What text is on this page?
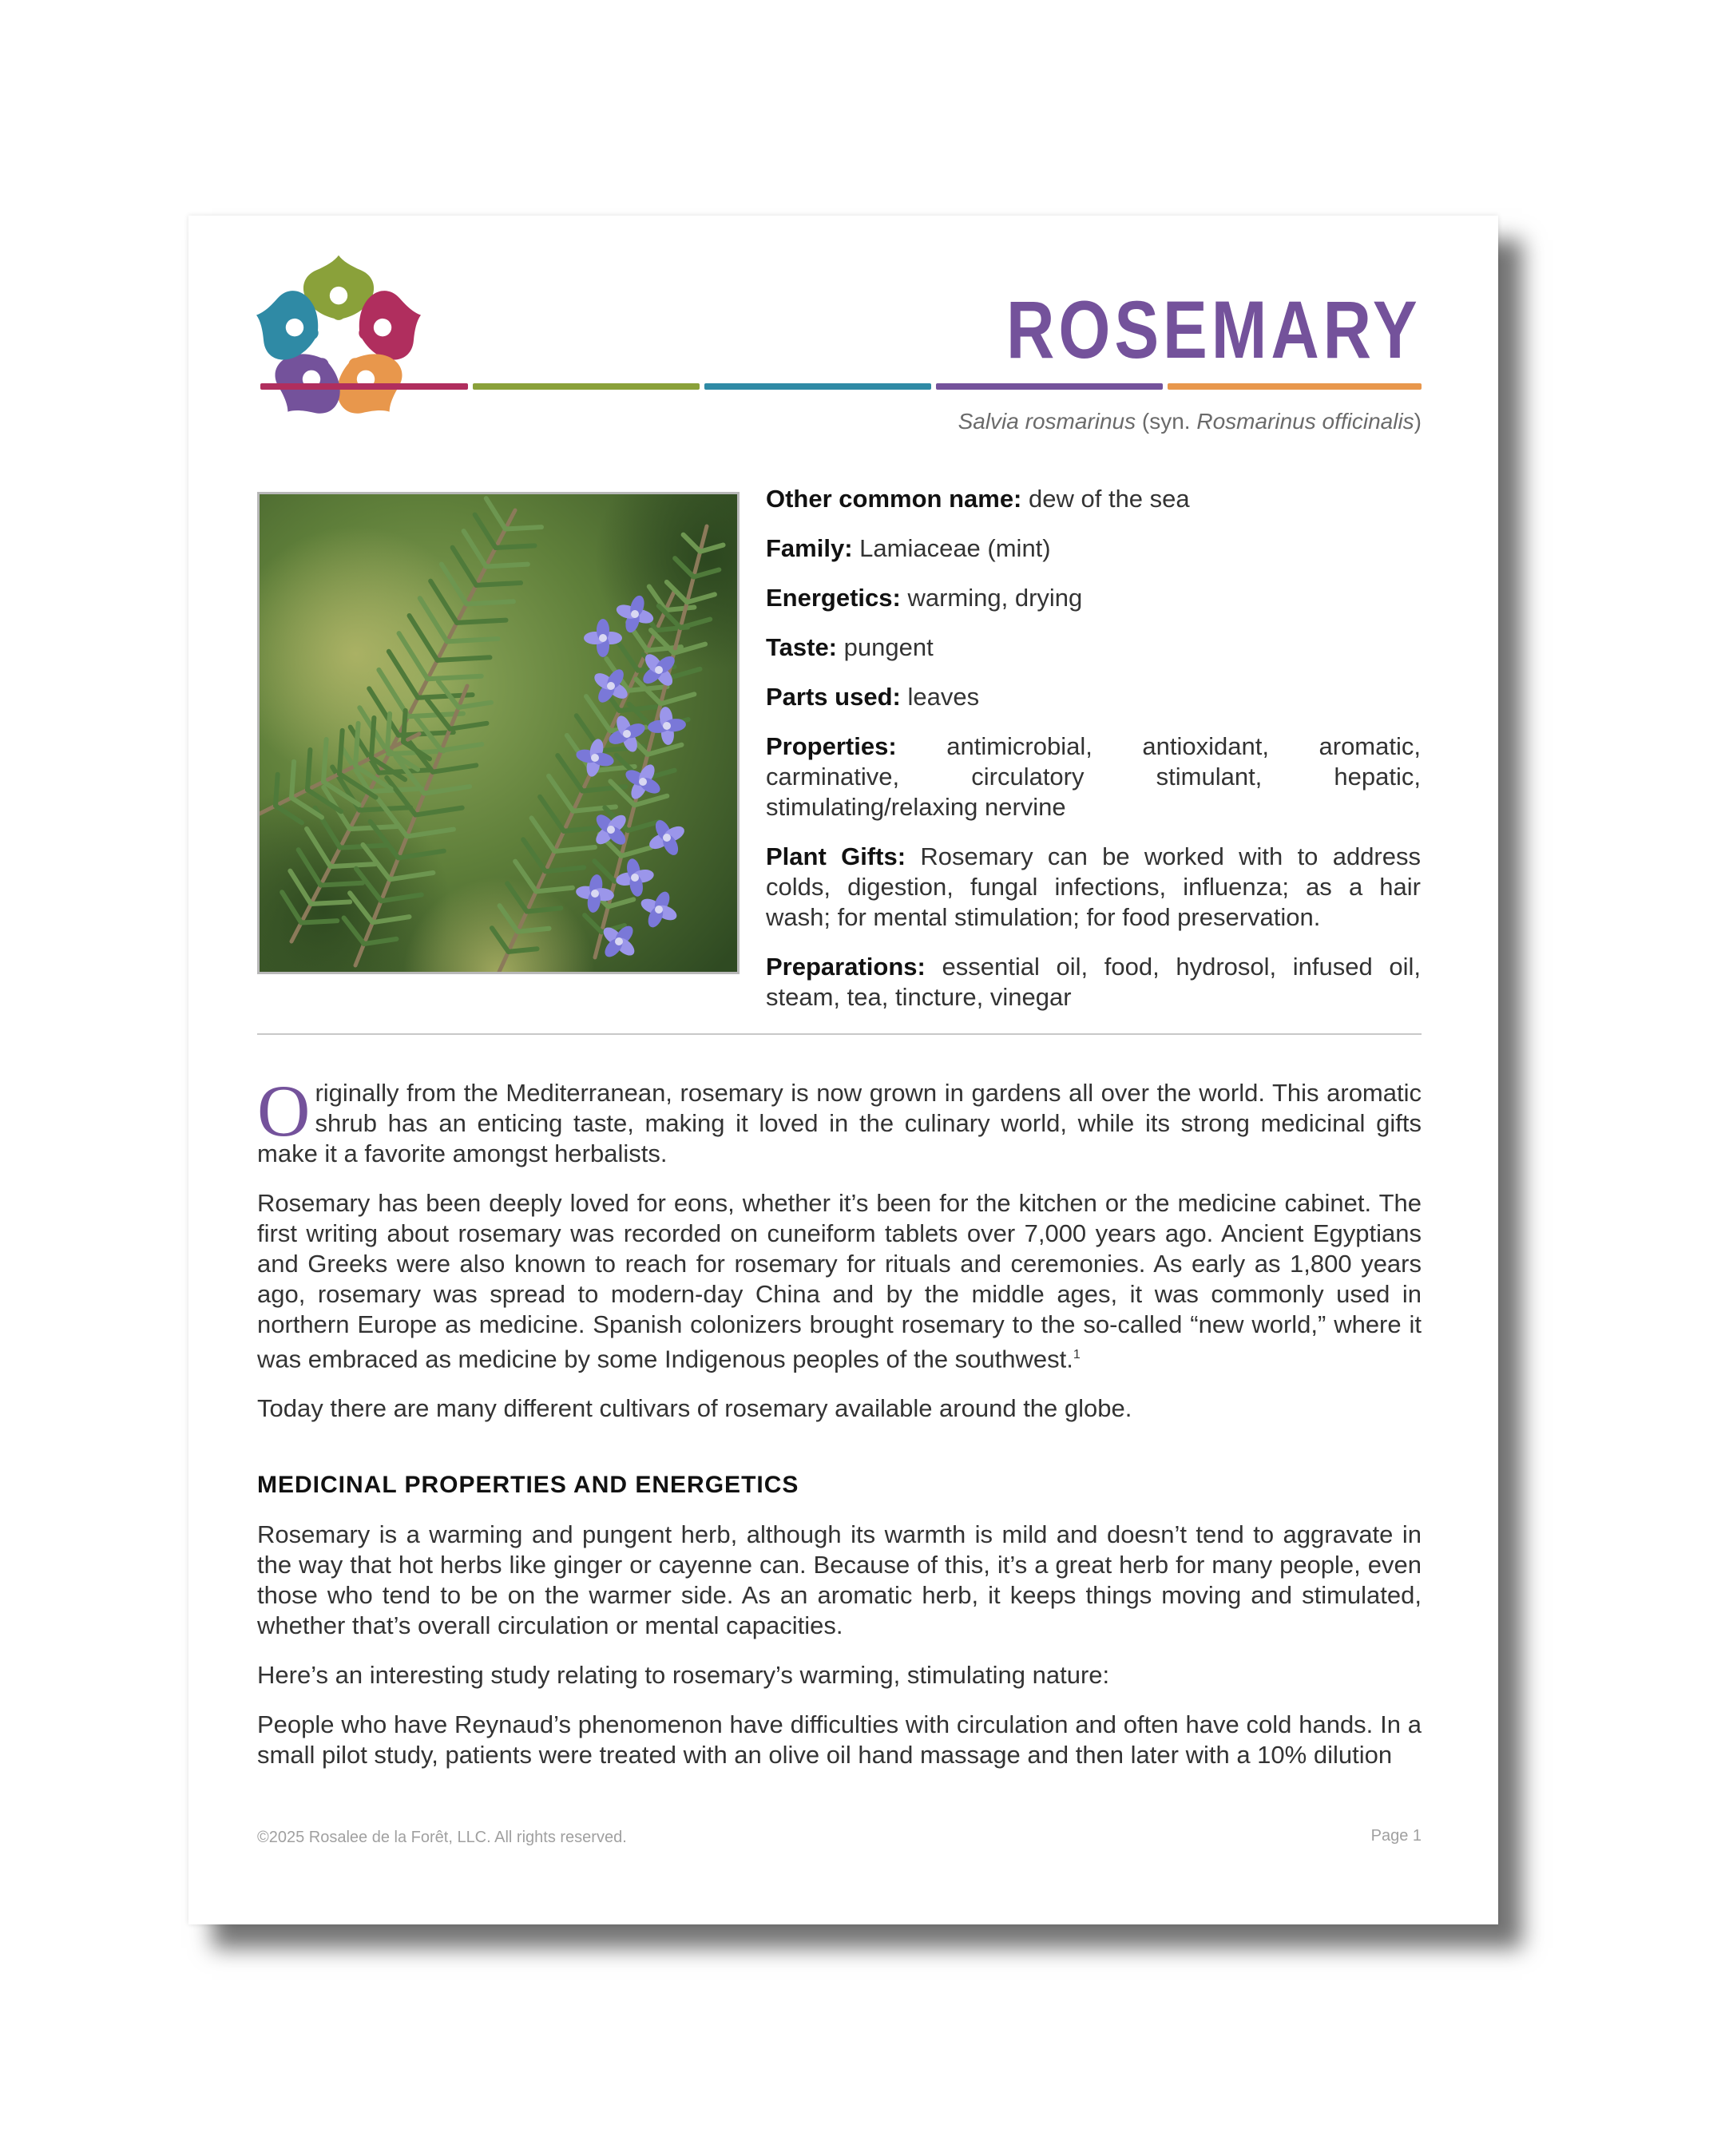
ROSEMARY
Salvia rosmarinus (syn. Rosmarinus officinalis)

Other common name: dew of the sea

Family: Lamiaceae (mint)

Energetics: warming, drying

Taste: pungent

Parts used: leaves

Properties: antimicrobial, antioxidant, aromatic, carminative, circulatory stimulant, hepatic, stimulating/relaxing nervine

Plant Gifts: Rosemary can be worked with to address colds, digestion, fungal infections, influenza; as a hair wash; for mental stimulation; for food preservation.

Preparations: essential oil, food, hydrosol, infused oil, steam, tea, tincture, vinegar

Originally from the Mediterranean, rosemary is now grown in gardens all over the world. This aromatic shrub has an enticing taste, making it loved in the culinary world, while its strong medicinal gifts make it a favorite amongst herbalists.

Rosemary has been deeply loved for eons, whether it’s been for the kitchen or the medicine cabinet. The first writing about rosemary was recorded on cuneiform tablets over 7,000 years ago. Ancient Egyptians and Greeks were also known to reach for rosemary for rituals and ceremonies. As early as 1,800 years ago, rosemary was spread to modern-day China and by the middle ages, it was commonly used in northern Europe as medicine. Spanish colonizers brought rosemary to the so-called “new world,” where it was embraced as medicine by some Indigenous peoples of the southwest.$^1$

Today there are many different cultivars of rosemary available around the globe.

MEDICINAL PROPERTIES AND ENERGETICS

Rosemary is a warming and pungent herb, although its warmth is mild and doesn’t tend to aggravate in the way that hot herbs like ginger or cayenne can. Because of this, it’s a great herb for many people, even those who tend to be on the warmer side. As an aromatic herb, it keeps things moving and stimulated, whether that’s overall circulation or mental capacities.

Here’s an interesting study relating to rosemary’s warming, stimulating nature:

People who have Reynaud’s phenomenon have difficulties with circulation and often have cold hands. In a small pilot study, patients were treated with an olive oil hand massage and then later with a 10% dilution

©2025 Rosalee de la Forêt, LLC. All rights reserved.	Page 1
